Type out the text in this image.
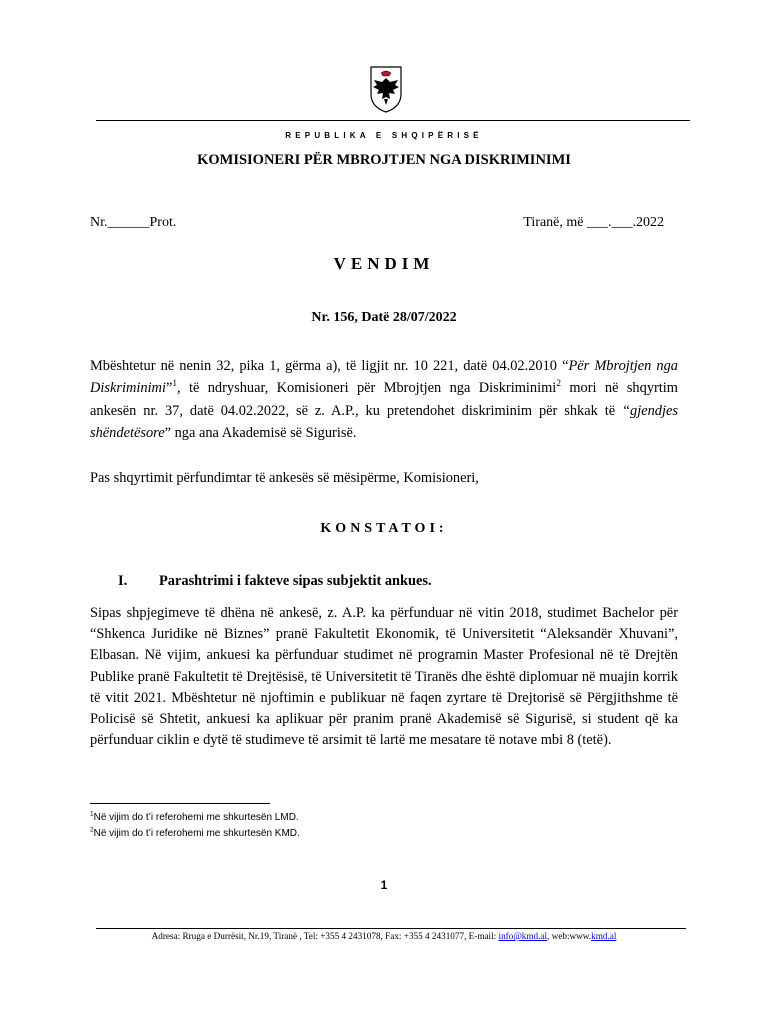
REPUBLIKA E SHQIPËRISË
KOMISIONERI PËR MBROJTJEN NGA DISKRIMINIMI
Nr.______Prot.	Tiranë, më ___.___.2022
VENDIM
Nr. 156, Datë 28/07/2022
Mbështetur në nenin 32, pika 1, gërma a), të ligjit nr. 10 221, datë 04.02.2010 “Për Mbrojtjen nga Diskriminimi”$^1$, të ndryshuar, Komisioneri për Mbrojtjen nga Diskriminimi$^2$ mori në shqyrtim ankesën nr. 37, datë 04.02.2022, së z. A.P., ku pretendohet diskriminim për shkak të “gjendjes shëndetësore” nga ana Akademisë së Sigurisë.
Pas shqyrtimit përfundimtar të ankesës së mësipërme, Komisioneri,
KONSTATOI:
I. Parashtrimi i fakteve sipas subjektit ankues.
Sipas shpjegimeve të dhëna në ankesë, z. A.P. ka përfunduar në vitin 2018, studimet Bachelor për “Shkenca Juridike në Biznes” pranë Fakultetit Ekonomik, të Universitetit “Aleksandër Xhuvani”, Elbasan. Në vijim, ankuesi ka përfunduar studimet në programin Master Profesional në të Drejtën Publike pranë Fakultetit të Drejtësisë, të Universitetit të Tiranës dhe është diplomuar në muajin korrik të vitit 2021. Mbështetur në njoftimin e publikuar në faqen zyrtare të Drejtorisë së Përgjithshme të Policisë së Shtetit, ankuesi ka aplikuar për pranim pranë Akademisë së Sigurisë, si student që ka përfunduar ciklin e dytë të studimeve të arsimit të lartë me mesatare të notave mbi 8 (tetë).
$^1$Në vijim do t’i referohemi me shkurtesën LMD.
$^2$Në vijim do t’i referohemi me shkurtesën KMD.
1
Adresa: Rruga e Durrësit, Nr.19, Tiranë , Tel: +355 4 2431078, Fax: +355 4 2431077, E-mail: info@kmd.al, web:www.kmd.al
